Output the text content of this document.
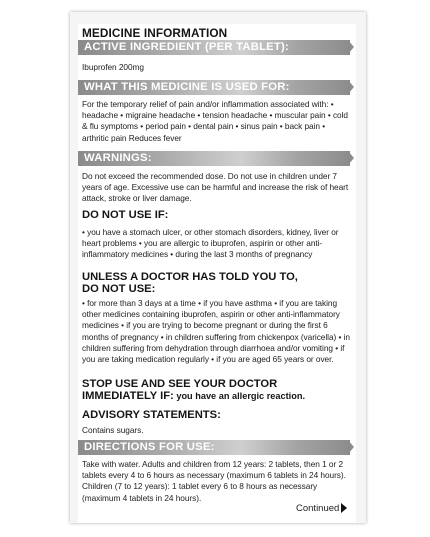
MEDICINE INFORMATION
ACTIVE INGREDIENT (PER TABLET):
Ibuprofen 200mg
WHAT THIS MEDICINE IS USED FOR:
For the temporary relief of pain and/or inflammation associated with: • headache • migraine headache • tension headache • muscular pain • cold & flu symptoms • period pain • dental pain • sinus pain • back pain • arthritic pain Reduces fever
WARNINGS:
Do not exceed the recommended dose. Do not use in children under 7 years of age. Excessive use can be harmful and increase the risk of heart attack, stroke or liver damage.
DO NOT USE IF:
• you have a stomach ulcer, or other stomach disorders, kidney, liver or heart problems • you are allergic to ibuprofen, aspirin or other anti-inflammatory medicines • during the last 3 months of pregnancy
UNLESS A DOCTOR HAS TOLD YOU TO,
DO NOT USE:
• for more than 3 days at a time • if you have asthma • if you are taking other medicines containing ibuprofen, aspirin or other anti-inflammatory medicines • if you are trying to become pregnant or during the first 6 months of pregnancy • in children suffering from chickenpox (varicella) • in children suffering from dehydration through diarrhoea and/or vomiting • if you are taking medication regularly • if you are aged 65 years or over.
STOP USE AND SEE YOUR DOCTOR
IMMEDIATELY IF: you have an allergic reaction.
ADVISORY STATEMENTS:
Contains sugars.
DIRECTIONS FOR USE:
Take with water. Adults and children from 12 years: 2 tablets, then 1 or 2 tablets every 4 to 6 hours as necessary (maximum 6 tablets in 24 hours). Children (7 to 12 years): 1 tablet every 6 to 8 hours as necessary (maximum 4 tablets in 24 hours).
Continued
